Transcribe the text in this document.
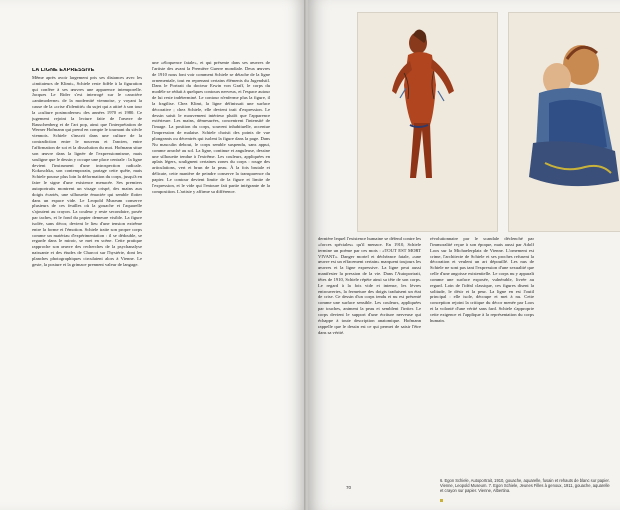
LA LIGNE EXPRESSIVE

Même après avoir largement pris ses distances avec les «imitateurs de Klimt», Schiele reste fidèle à la figuration qui confère à ses œuvres une apparence intemporelle. Jacques Le Rider s'est interrogé sur le caractère «antimoderne» de la modernité viennoise, y voyant la cause de la «crise d'identité» du sujet qui a attiré à son tour la «culture postmoderne» des années 1970 et 1980. Ce jugement rejoint la lecture faite de l'œuvre de Rauschenberg et de l'art pop, ainsi que l'interprétation de Werner Hofmann qui prend en compte le tournant du siècle viennois. Schiele s'inscrit dans une culture de la contradiction entre le nouveau et l'ancien, entre l'affirmation de soi et la dissolution du moi. Hofmann situe son œuvre dans la lignée de l'expressionnisme, mais souligne que le dessin y occupe une place centrale : la ligne devient l'instrument d'une introspection radicale. Kokoschka, son contemporain, partage cette quête, mais Schiele pousse plus loin la déformation du corps, jusqu'à en faire le signe d'une existence menacée. Ses premiers autoportraits montrent un visage crispé, des mains aux doigts écartés, une silhouette émaciée qui semble flotter dans un espace vide. Le Leopold Museum conserve plusieurs de ces feuilles où la gouache et l'aquarelle s'ajoutent au crayon. La couleur y reste secondaire, posée par taches, et le fond du papier demeure visible. La figure isolée, sans décor, devient le lieu d'une tension extrême entre la forme et l'émotion. Schiele traite son propre corps comme un matériau d'expérimentation : il se dédouble, se regarde dans le miroir, se met en scène. Cette pratique rapproche son œuvre des recherches de la psychanalyse naissante et des études de Charcot sur l'hystérie, dont les planches photographiques circulaient alors à Vienne. Le geste, la posture et la grimace prennent valeur de langage.

une «éloquence fatale», et qui présente dans ses œuvres de l'artiste des avant la Première Guerre mondiale. Deux œuvres de 1910 nous font voir comment Schiele se détache de la ligne ornementale, tout en reprenant certains éléments du Jugendstil. Dans le Portrait du docteur Erwin von Graff, le corps du modèle se réduit à quelques contours nerveux, et l'espace autour de lui reste indéterminé. Le contour n'enferme plus la figure, il la fragilise. Chez Klimt, la ligne définissait une surface décorative ; chez Schiele, elle devient trait d'expression. Le dessin saisit le mouvement intérieur plutôt que l'apparence extérieure. Les mains, démesurées, concentrent l'intensité de l'image. La position du corps, souvent inhabituelle, accentue l'impression de malaise. Schiele choisit des points de vue plongeants ou décentrés qui isolent la figure dans la page. Dans Nu masculin debout, le corps semble suspendu, sans appui, comme arraché au sol. La ligne, continue et anguleuse, dessine une silhouette tendue à l'extrême. Les couleurs, appliquées en aplats légers, soulignent certaines zones du corps : rouge des articulations, vert et brun de la peau. À la fois brutale et délicate, cette manière de peindre conserve la transparence du papier. Le contour devient limite de la figure et limite de l'expression, et le vide qui l'entoure fait partie intégrante de la composition. L'artiste y affirme sa différence.

dernière lequel l'existence humaine se défend contre les «forces spéciales» qu'il menace. En 1910, Schiele termine un poème par ces mots : «TOUT EST MORT VIVANT». Danger mortel et déchéance fatale, «une œuvre est un effacement certain» marquent toujours les œuvres et la ligne expressive. La ligne peut aussi manifester la pression de la vie. Dans l'Autoportrait, têtes de 1910, Schiele répète ainsi sa tête de son corps. Le regard à la fois vide et intense, les lèvres entrouvertes, la fermeture des doigts traduisent un état de crise. Ce dessin d'un corps tendu et nu est présenté comme une surface sensible. Les couleurs, appliquées par touches, animent la peau et semblent l'irriter. Le corps devient le support d'une écriture nerveuse qui échappe à toute description anatomique. Hofmann rappelle que le dessin est ce qui permet de saisir l'être dans sa vérité.

révolutionnaire par le scandale déclenché par l'immoralité reçue à son époque, mais aussi par Adolf Loos sur la Michaelerplatz de Vienne. L'ornement est crime, l'architecte de Schiele et ses proches refusent la décoration et veulent un art dépouillé. Les nus de Schiele ne sont pas tant l'expression d'une sexualité que celle d'une angoisse existentielle. Le corps nu y apparaît comme une surface exposée, vulnérable, livrée au regard. Loin de l'idéal classique, ces figures disent la solitude, le désir et la peur. La ligne en est l'outil principal : elle isole, découpe et met à nu. Cette conception rejoint la critique du décor menée par Loos et la volonté d'une vérité sans fard. Schiele s'approprie cette exigence et l'applique à la représentation du corps humain.

70
6. Egon Schiele, Autoportrait, 1910, gouache, aquarelle, fusain et rehauts de blanc sur papier. Vienne, Leopold Museum. 7. Egon Schiele, Jeunes Filles à genoux, 1911, gouache, aquarelle et crayon sur papier. Vienne, Albertina.
